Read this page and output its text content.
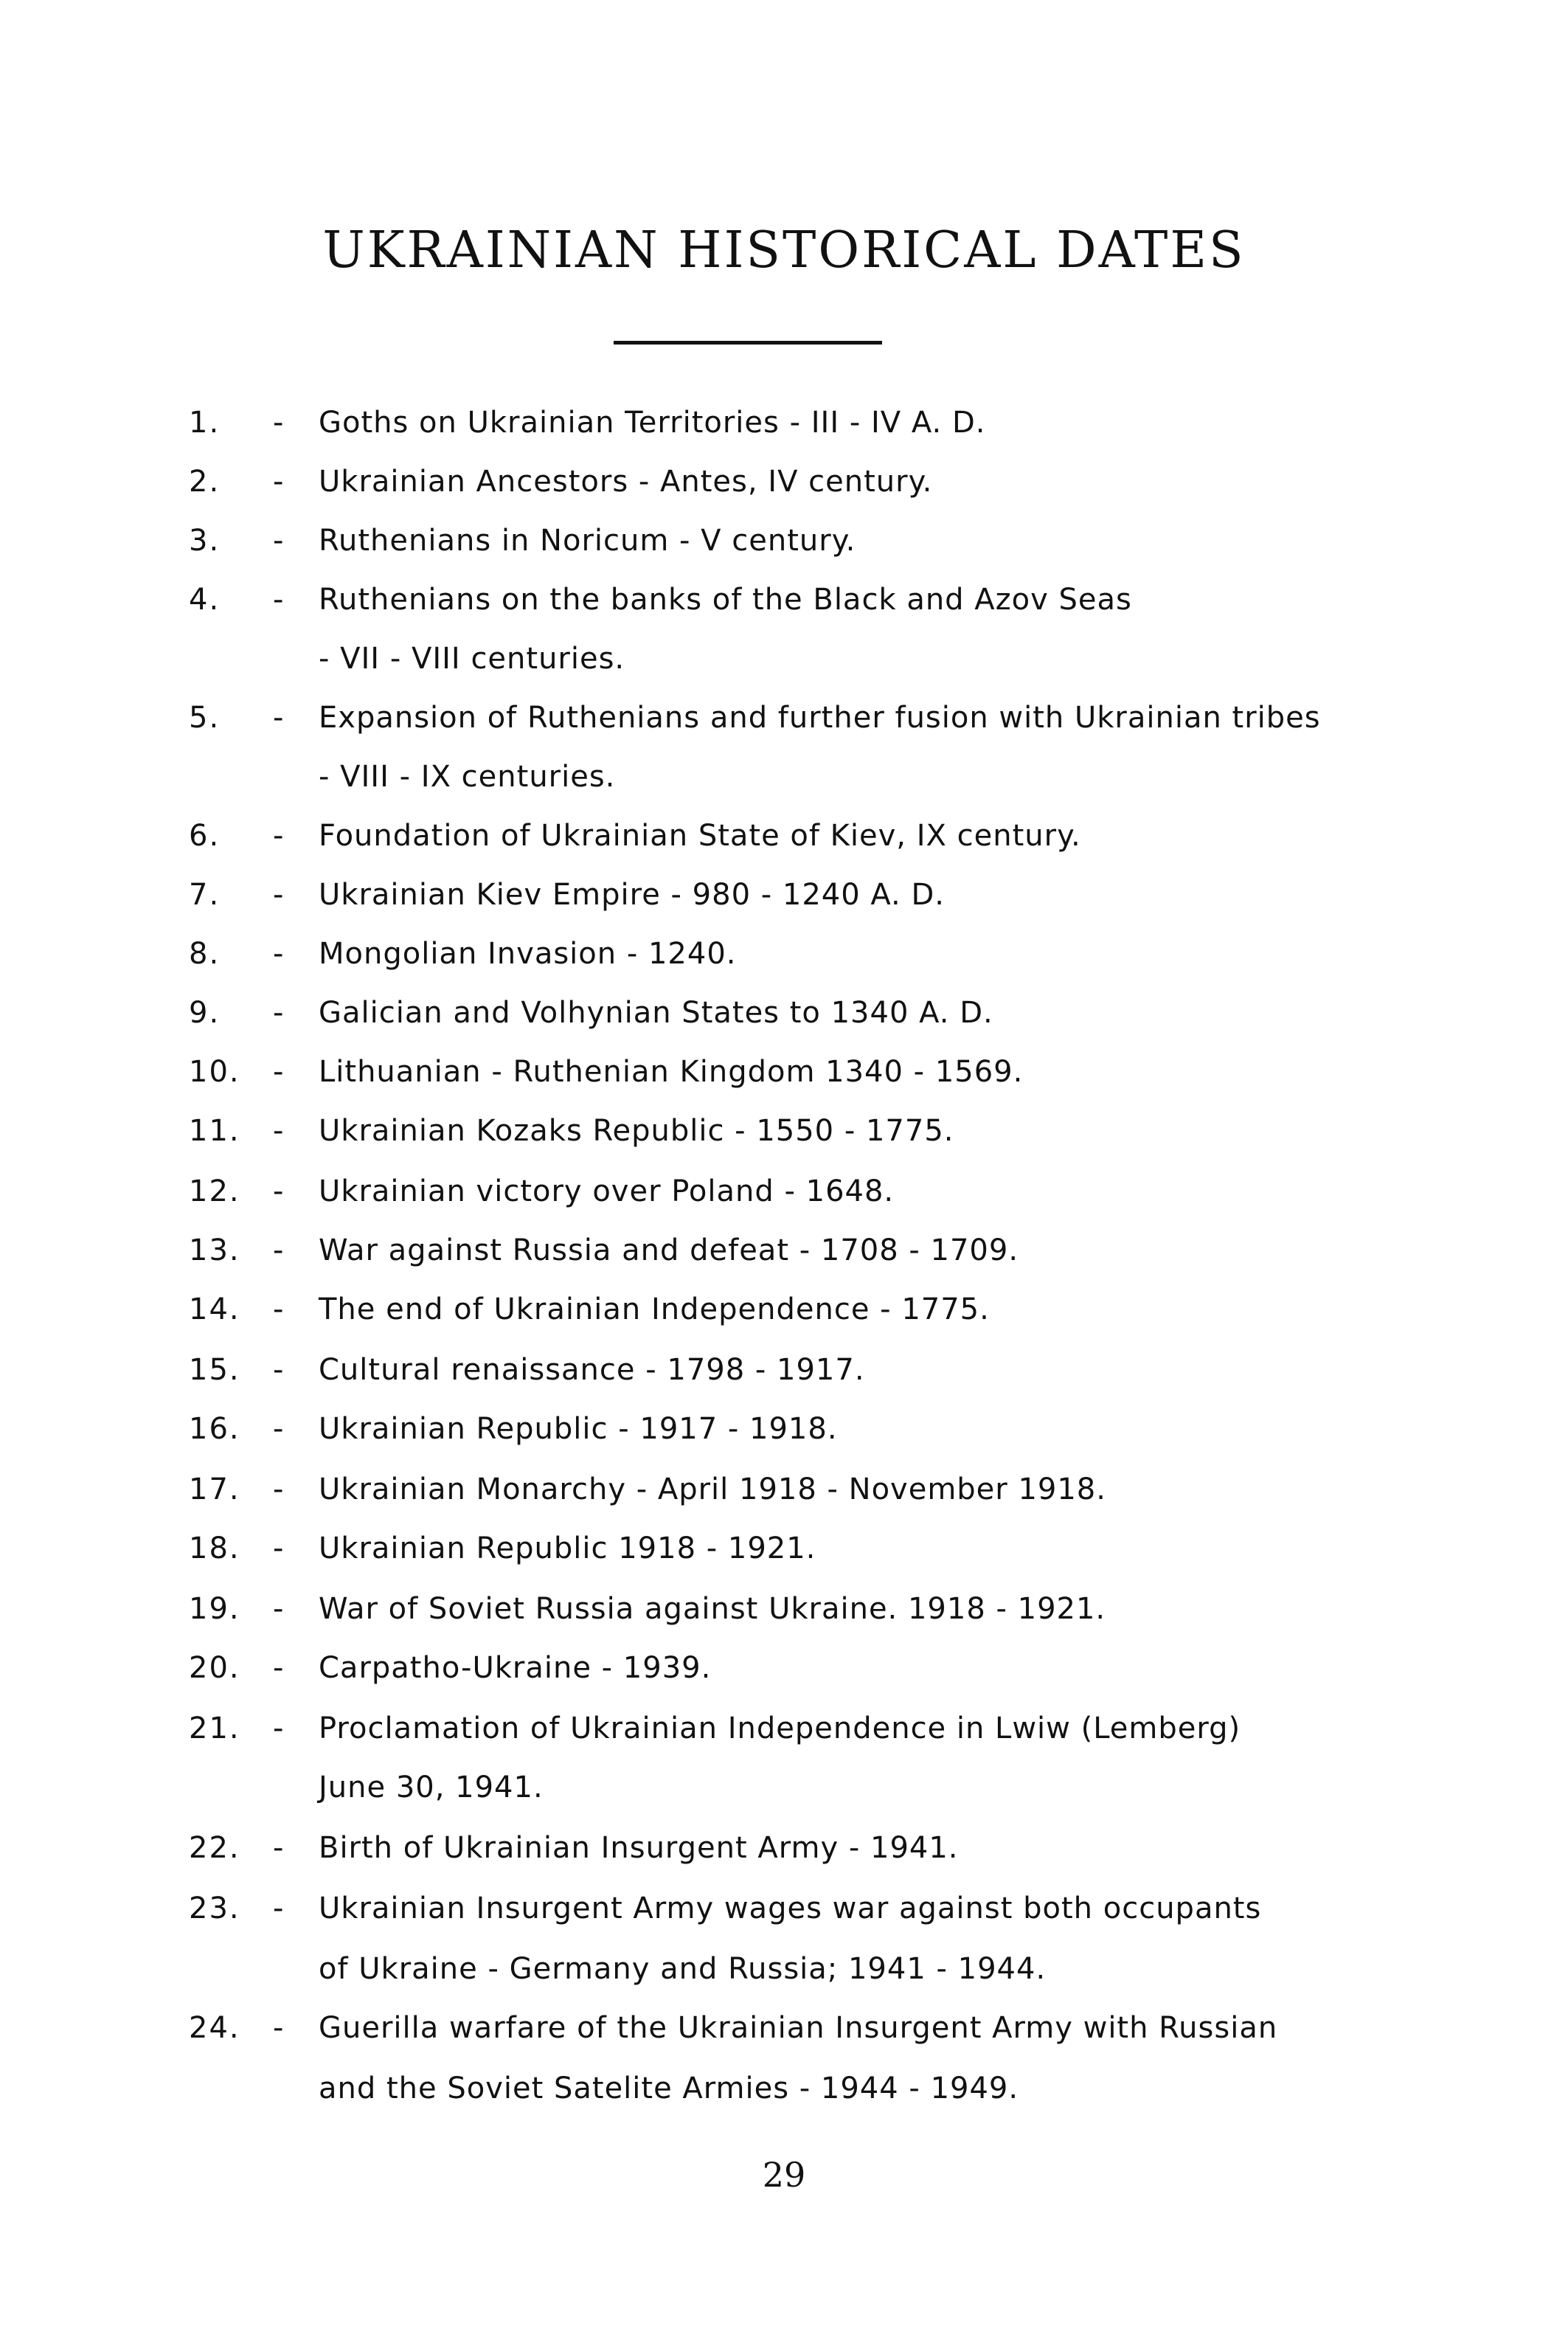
UKRAINIAN HISTORICAL DATES
1. - Goths on Ukrainian Territories - III - IV A. D.
2. - Ukrainian Ancestors - Antes, IV century.
3. - Ruthenians in Noricum - V century.
4. - Ruthenians on the banks of the Black and Azov Seas
- VII - VIII centuries.
5. - Expansion of Ruthenians and further fusion with Ukrainian tribes
- VIII - IX centuries.
6. - Foundation of Ukrainian State of Kiev, IX century.
7. - Ukrainian Kiev Empire - 980 - 1240 A. D.
8. - Mongolian Invasion - 1240.
9. - Galician and Volhynian States to 1340 A. D.
10. - Lithuanian - Ruthenian Kingdom 1340 - 1569.
11. - Ukrainian Kozaks Republic - 1550 - 1775.
12. - Ukrainian victory over Poland - 1648.
13. - War against Russia and defeat - 1708 - 1709.
14. - The end of Ukrainian Independence - 1775.
15. - Cultural renaissance - 1798 - 1917.
16. - Ukrainian Republic - 1917 - 1918.
17. - Ukrainian Monarchy - April 1918 - November 1918.
18. - Ukrainian Republic 1918 - 1921.
19. - War of Soviet Russia against Ukraine. 1918 - 1921.
20. - Carpatho-Ukraine - 1939.
21. - Proclamation of Ukrainian Independence in Lwiw (Lemberg)
June 30, 1941.
22. - Birth of Ukrainian Insurgent Army - 1941.
23. - Ukrainian Insurgent Army wages war against both occupants
of Ukraine - Germany and Russia; 1941 - 1944.
24. - Guerilla warfare of the Ukrainian Insurgent Army with Russian
and the Soviet Satelite Armies - 1944 - 1949.
29
